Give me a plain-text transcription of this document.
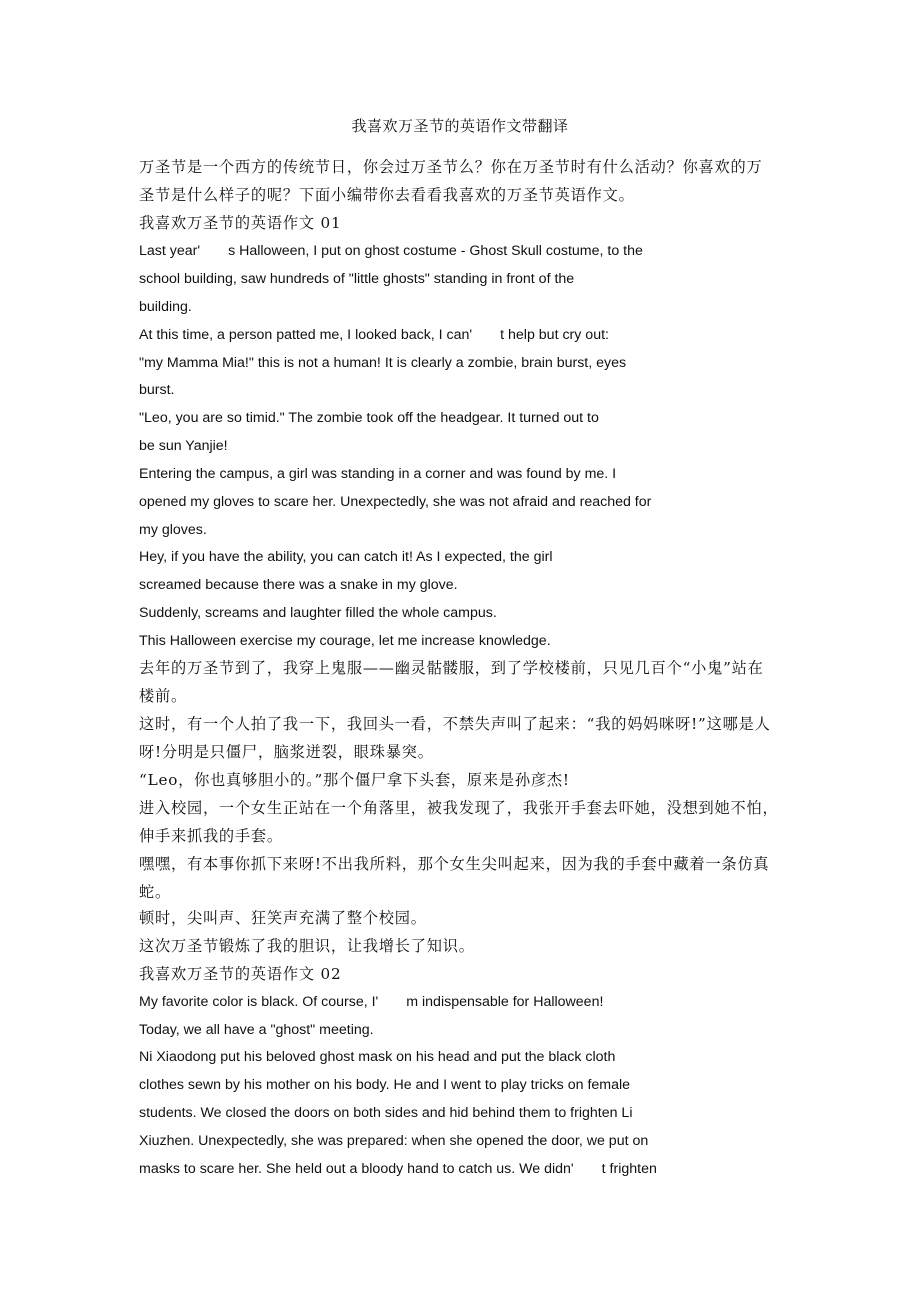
我喜欢万圣节的英语作文带翻译
万圣节是一个西方的传统节日，你会过万圣节么？你在万圣节时有什么活动？你喜欢的万
圣节是什么样子的呢？下面小编带你去看看我喜欢的万圣节英语作文。
我喜欢万圣节的英语作文 01
Last year' s Halloween, I put on ghost costume - Ghost Skull costume, to the
school building, saw hundreds of "little ghosts" standing in front of the
building.
At this time, a person patted me, I looked back, I can' t help but cry out:
"my Mamma Mia!" this is not a human! It is clearly a zombie, brain burst, eyes
burst.
"Leo, you are so timid." The zombie took off the headgear. It turned out to
be sun Yanjie!
Entering the campus, a girl was standing in a corner and was found by me. I
opened my gloves to scare her. Unexpectedly, she was not afraid and reached for
my gloves.
Hey, if you have the ability, you can catch it! As I expected, the girl
screamed because there was a snake in my glove.
Suddenly, screams and laughter filled the whole campus.
This Halloween exercise my courage, let me increase knowledge.
去年的万圣节到了，我穿上鬼服——幽灵骷髅服，到了学校楼前，只见几百个“小鬼”站在
楼前。
这时，有一个人拍了我一下，我回头一看，不禁失声叫了起来：“我的妈妈咪呀!”这哪是人
呀!分明是只僵尸，脑浆迸裂，眼珠暴突。
“Leo，你也真够胆小的。”那个僵尸拿下头套，原来是孙彦杰!
进入校园，一个女生正站在一个角落里，被我发现了，我张开手套去吓她，没想到她不怕，
伸手来抓我的手套。
嘿嘿，有本事你抓下来呀!不出我所料，那个女生尖叫起来，因为我的手套中藏着一条仿真
蛇。
顿时，尖叫声、狂笑声充满了整个校园。
这次万圣节锻炼了我的胆识，让我增长了知识。
我喜欢万圣节的英语作文 02
My favorite color is black. Of course, I' m indispensable for Halloween!
Today, we all have a "ghost" meeting.
Ni Xiaodong put his beloved ghost mask on his head and put the black cloth
clothes sewn by his mother on his body. He and I went to play tricks on female
students. We closed the doors on both sides and hid behind them to frighten Li
Xiuzhen. Unexpectedly, she was prepared: when she opened the door, we put on
masks to scare her. She held out a bloody hand to catch us. We didn' t frighten
